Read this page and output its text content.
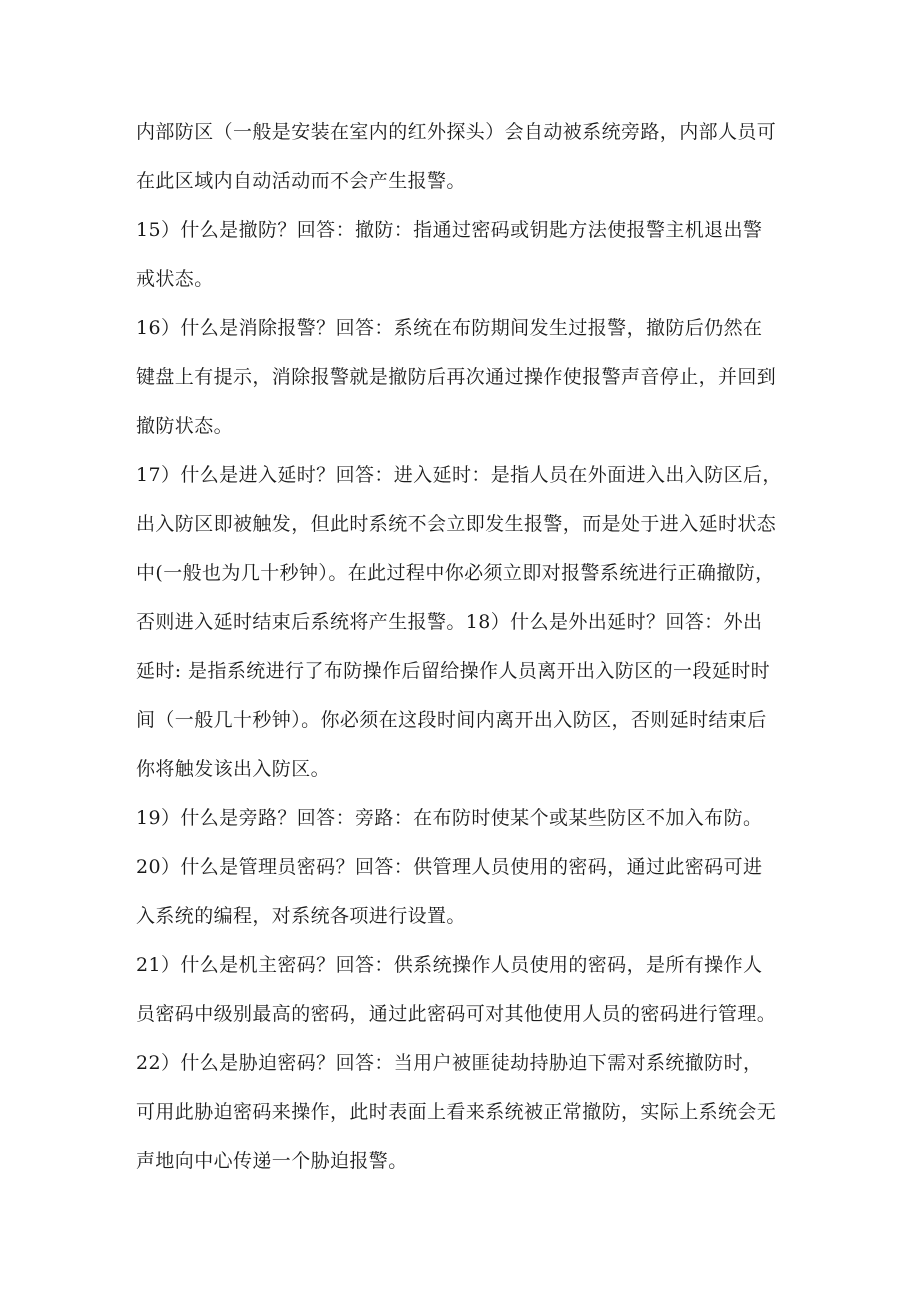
内部防区（一般是安装在室内的红外探头）会自动被系统旁路，内部人员可
在此区域内自动活动而不会产生报警。

15）什么是撤防？回答：撤防：指通过密码或钥匙方法使报警主机退出警
戒状态。

16）什么是消除报警？回答：系统在布防期间发生过报警，撤防后仍然在
键盘上有提示，消除报警就是撤防后再次通过操作使报警声音停止，并回到
撤防状态。

17）什么是进入延时？回答：进入延时：是指人员在外面进入出入防区后，
出入防区即被触发，但此时系统不会立即发生报警，而是处于进入延时状态
中(一般也为几十秒钟）。在此过程中你必须立即对报警系统进行正确撤防，
否则进入延时结束后系统将产生报警。18）什么是外出延时？回答：外出
延时: 是指系统进行了布防操作后留给操作人员离开出入防区的一段延时时
间（一般几十秒钟）。你必须在这段时间内离开出入防区，否则延时结束后
你将触发该出入防区。

19）什么是旁路？回答：旁路：在布防时使某个或某些防区不加入布防。

20）什么是管理员密码？回答：供管理人员使用的密码，通过此密码可进
入系统的编程，对系统各项进行设置。

21）什么是机主密码？回答：供系统操作人员使用的密码，是所有操作人
员密码中级别最高的密码，通过此密码可对其他使用人员的密码进行管理。

22）什么是胁迫密码？回答：当用户被匪徒劫持胁迫下需对系统撤防时，
可用此胁迫密码来操作，此时表面上看来系统被正常撤防，实际上系统会无
声地向中心传递一个胁迫报警。
